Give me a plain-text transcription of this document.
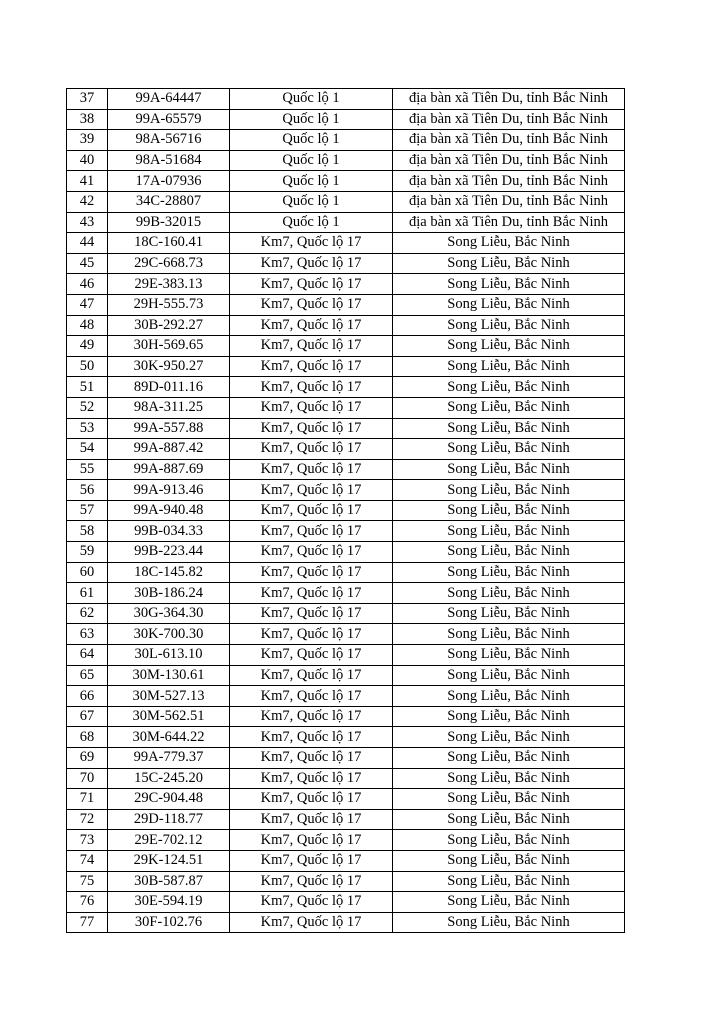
37	99A-64447	Quốc lộ 1	địa bàn xã Tiên Du, tỉnh Bắc Ninh
38	99A-65579	Quốc lộ 1	địa bàn xã Tiên Du, tỉnh Bắc Ninh
39	98A-56716	Quốc lộ 1	địa bàn xã Tiên Du, tỉnh Bắc Ninh
40	98A-51684	Quốc lộ 1	địa bàn xã Tiên Du, tỉnh Bắc Ninh
41	17A-07936	Quốc lộ 1	địa bàn xã Tiên Du, tỉnh Bắc Ninh
42	34C-28807	Quốc lộ 1	địa bàn xã Tiên Du, tỉnh Bắc Ninh
43	99B-32015	Quốc lộ 1	địa bàn xã Tiên Du, tỉnh Bắc Ninh
44	18C-160.41	Km7, Quốc lộ 17	Song Liễu, Bắc Ninh
45	29C-668.73	Km7, Quốc lộ 17	Song Liễu, Bắc Ninh
46	29E-383.13	Km7, Quốc lộ 17	Song Liễu, Bắc Ninh
47	29H-555.73	Km7, Quốc lộ 17	Song Liễu, Bắc Ninh
48	30B-292.27	Km7, Quốc lộ 17	Song Liễu, Bắc Ninh
49	30H-569.65	Km7, Quốc lộ 17	Song Liễu, Bắc Ninh
50	30K-950.27	Km7, Quốc lộ 17	Song Liễu, Bắc Ninh
51	89D-011.16	Km7, Quốc lộ 17	Song Liễu, Bắc Ninh
52	98A-311.25	Km7, Quốc lộ 17	Song Liễu, Bắc Ninh
53	99A-557.88	Km7, Quốc lộ 17	Song Liễu, Bắc Ninh
54	99A-887.42	Km7, Quốc lộ 17	Song Liễu, Bắc Ninh
55	99A-887.69	Km7, Quốc lộ 17	Song Liễu, Bắc Ninh
56	99A-913.46	Km7, Quốc lộ 17	Song Liễu, Bắc Ninh
57	99A-940.48	Km7, Quốc lộ 17	Song Liễu, Bắc Ninh
58	99B-034.33	Km7, Quốc lộ 17	Song Liễu, Bắc Ninh
59	99B-223.44	Km7, Quốc lộ 17	Song Liễu, Bắc Ninh
60	18C-145.82	Km7, Quốc lộ 17	Song Liễu, Bắc Ninh
61	30B-186.24	Km7, Quốc lộ 17	Song Liễu, Bắc Ninh
62	30G-364.30	Km7, Quốc lộ 17	Song Liễu, Bắc Ninh
63	30K-700.30	Km7, Quốc lộ 17	Song Liễu, Bắc Ninh
64	30L-613.10	Km7, Quốc lộ 17	Song Liễu, Bắc Ninh
65	30M-130.61	Km7, Quốc lộ 17	Song Liễu, Bắc Ninh
66	30M-527.13	Km7, Quốc lộ 17	Song Liễu, Bắc Ninh
67	30M-562.51	Km7, Quốc lộ 17	Song Liễu, Bắc Ninh
68	30M-644.22	Km7, Quốc lộ 17	Song Liễu, Bắc Ninh
69	99A-779.37	Km7, Quốc lộ 17	Song Liễu, Bắc Ninh
70	15C-245.20	Km7, Quốc lộ 17	Song Liễu, Bắc Ninh
71	29C-904.48	Km7, Quốc lộ 17	Song Liễu, Bắc Ninh
72	29D-118.77	Km7, Quốc lộ 17	Song Liễu, Bắc Ninh
73	29E-702.12	Km7, Quốc lộ 17	Song Liễu, Bắc Ninh
74	29K-124.51	Km7, Quốc lộ 17	Song Liễu, Bắc Ninh
75	30B-587.87	Km7, Quốc lộ 17	Song Liễu, Bắc Ninh
76	30E-594.19	Km7, Quốc lộ 17	Song Liễu, Bắc Ninh
77	30F-102.76	Km7, Quốc lộ 17	Song Liễu, Bắc Ninh
